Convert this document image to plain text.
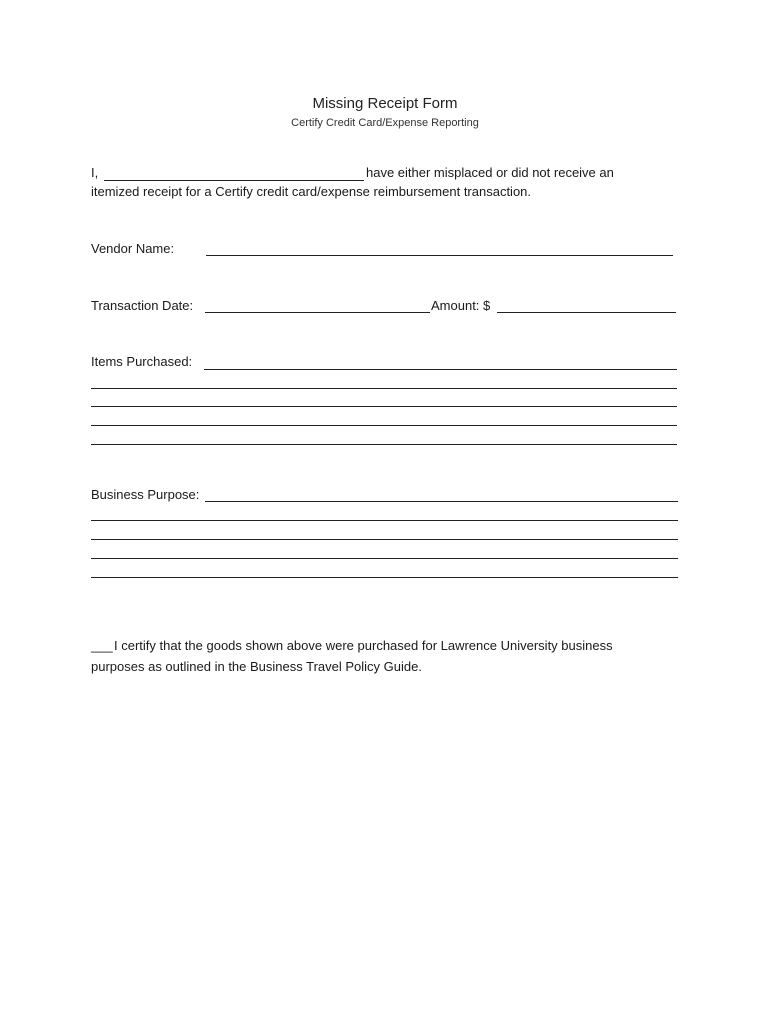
Missing Receipt Form
Certify Credit Card/Expense Reporting
I,	have either misplaced or did not receive an
itemized receipt for a Certify credit card/expense reimbursement transaction.
Vendor Name:
Transaction Date:	Amount: $
Items Purchased:
Business Purpose:
___ I certify that the goods shown above were purchased for Lawrence University business
purposes as outlined in the Business Travel Policy Guide.
